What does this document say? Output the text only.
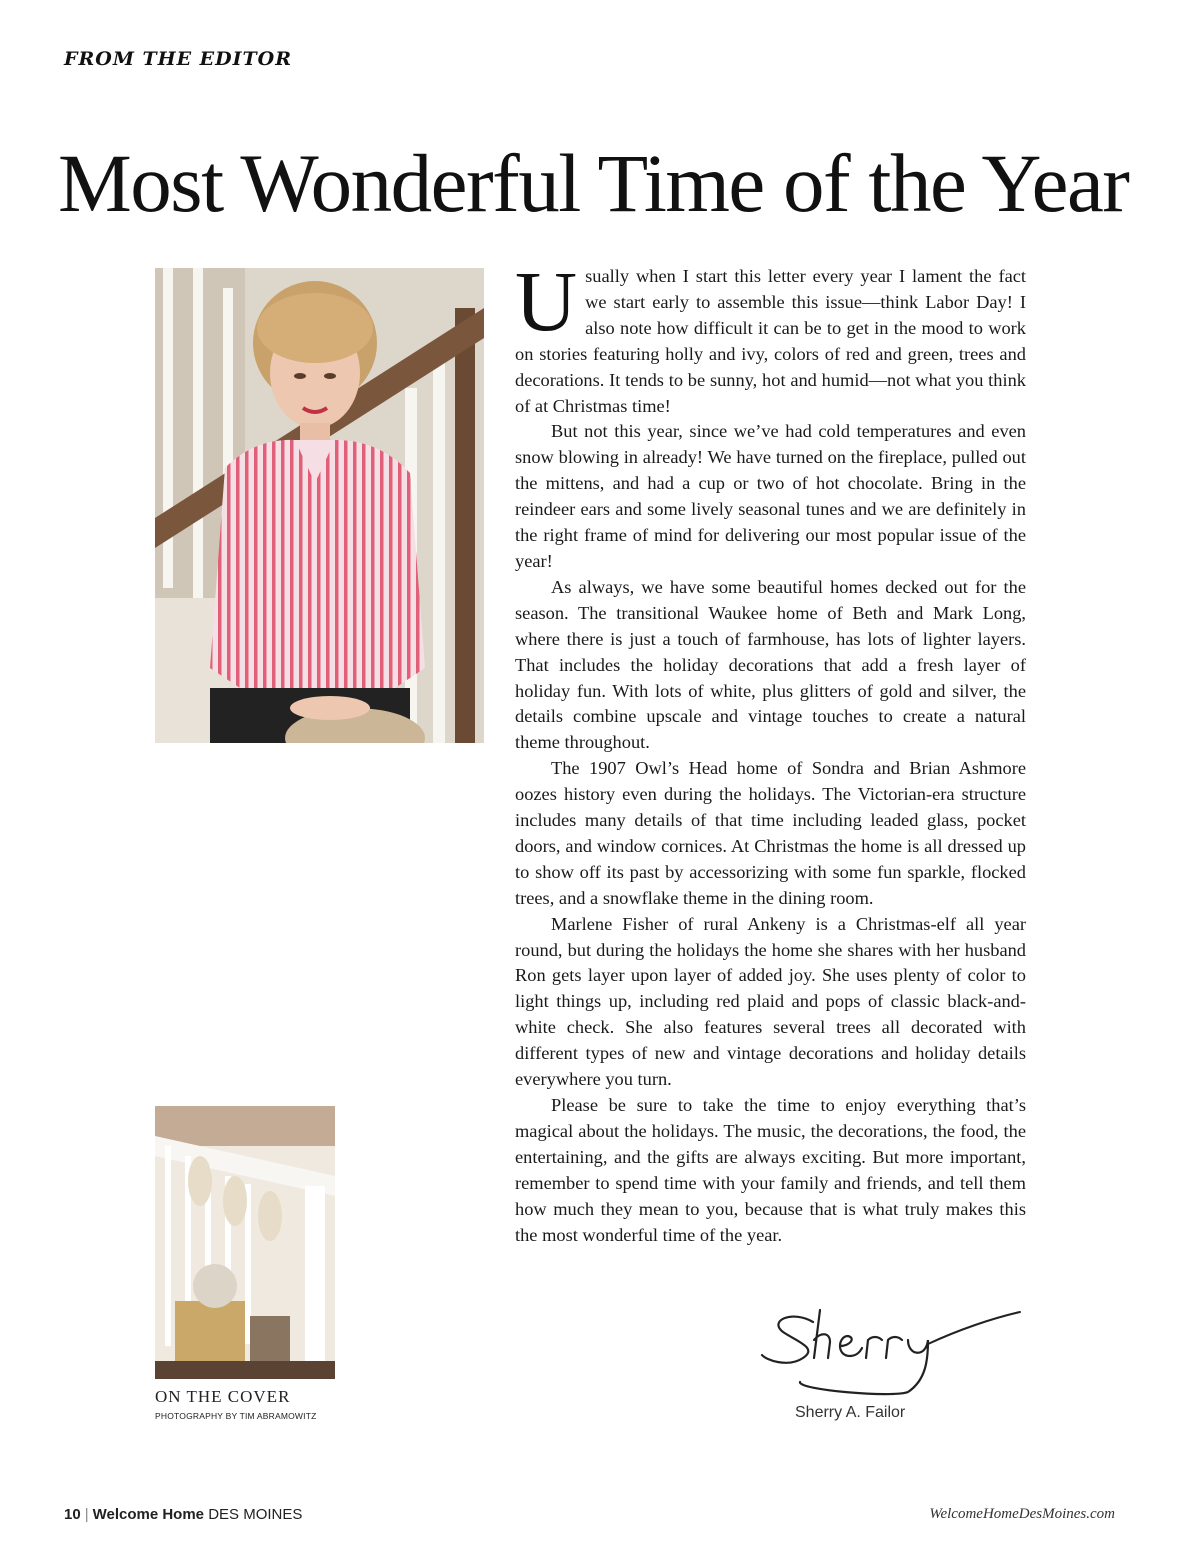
FROM THE EDITOR
Most Wonderful Time of the Year
ON THE COVER
PHOTOGRAPHY BY TIM ABRAMOWITZ

Usually when I start this letter every year I lament the fact we start early to assemble this issue—think Labor Day! I also note how difficult it can be to get in the mood to work on stories featuring holly and ivy, colors of red and green, trees and decorations. It tends to be sunny, hot and humid—not what you think of at Christmas time!

But not this year, since we’ve had cold temperatures and even snow blowing in already! We have turned on the fireplace, pulled out the mittens, and had a cup or two of hot chocolate. Bring in the reindeer ears and some lively seasonal tunes and we are definitely in the right frame of mind for delivering our most popular issue of the year!

As always, we have some beautiful homes decked out for the season. The transitional Waukee home of Beth and Mark Long, where there is just a touch of farmhouse, has lots of lighter layers. That includes the holiday decorations that add a fresh layer of holiday fun. With lots of white, plus glitters of gold and silver, the details combine upscale and vintage touches to create a natural theme throughout.

The 1907 Owl’s Head home of Sondra and Brian Ashmore oozes history even during the holidays. The Victorian-era structure includes many details of that time including leaded glass, pocket doors, and window cornices. At Christmas the home is all dressed up to show off its past by accessorizing with some fun sparkle, flocked trees, and a snowflake theme in the dining room.

Marlene Fisher of rural Ankeny is a Christmas-elf all year round, but during the holidays the home she shares with her husband Ron gets layer upon layer of added joy. She uses plenty of color to light things up, including red plaid and pops of classic black-and-white check. She also features several trees all decorated with different types of new and vintage decorations and holiday details everywhere you turn.

Please be sure to take the time to enjoy everything that’s magical about the holidays. The music, the decorations, the food, the entertaining, and the gifts are always exciting. But more important, remember to spend time with your family and friends, and tell them how much they mean to you, because that is what truly makes this the most wonderful time of the year.

Sherry A. Failor
10 | Welcome Home DES MOINES	WelcomeHomeDesMoines.com
